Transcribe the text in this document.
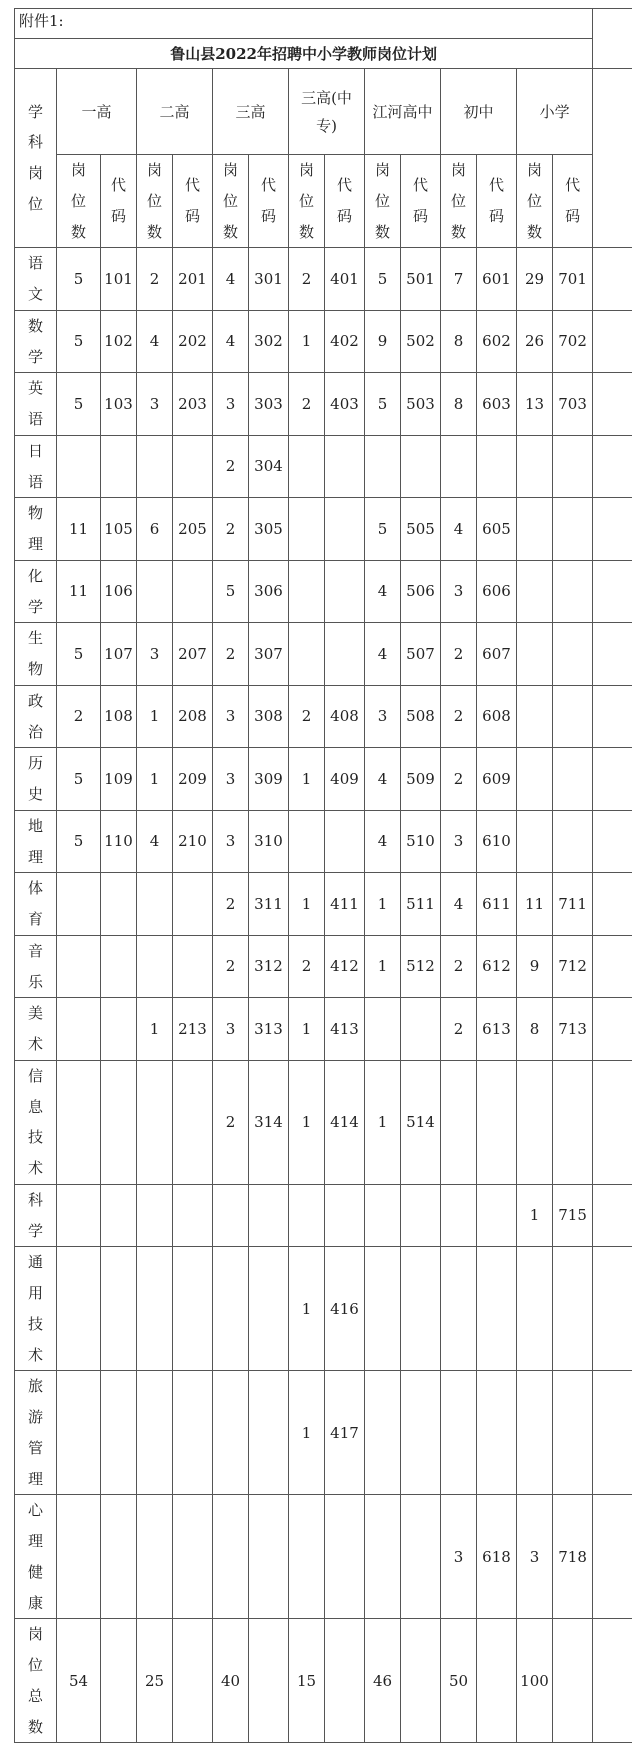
附件1:															
鲁山县2022年招聘中小学教师岗位计划															
学科岗位	一高		二高		三高		三高(中专)		江河高中		初中		小学		
	岗位数	代码	岗位数	代码	岗位数	代码	岗位数	代码	岗位数	代码	岗位数	代码	岗位数	代码	
语文	5	101	2	201	4	301	2	401	5	501	7	601	29	701	
数学	5	102	4	202	4	302	1	402	9	502	8	602	26	702	
英语	5	103	3	203	3	303	2	403	5	503	8	603	13	703	
日语					2	304									
物理	11	105	6	205	2	305			5	505	4	605			
化学	11	106			5	306			4	506	3	606			
生物	5	107	3	207	2	307			4	507	2	607			
政治	2	108	1	208	3	308	2	408	3	508	2	608			
历史	5	109	1	209	3	309	1	409	4	509	2	609			
地理	5	110	4	210	3	310			4	510	3	610			
体育					2	311	1	411	1	511	4	611	11	711	
音乐					2	312	2	412	1	512	2	612	9	712	
美术			1	213	3	313	1	413			2	613	8	713	
信息技术					2	314	1	414	1	514					
科学													1	715	
通用技术							1	416							
旅游管理							1	417							
心理健康											3	618	3	718	
岗位总数	54		25		40		15		46		50		100		
